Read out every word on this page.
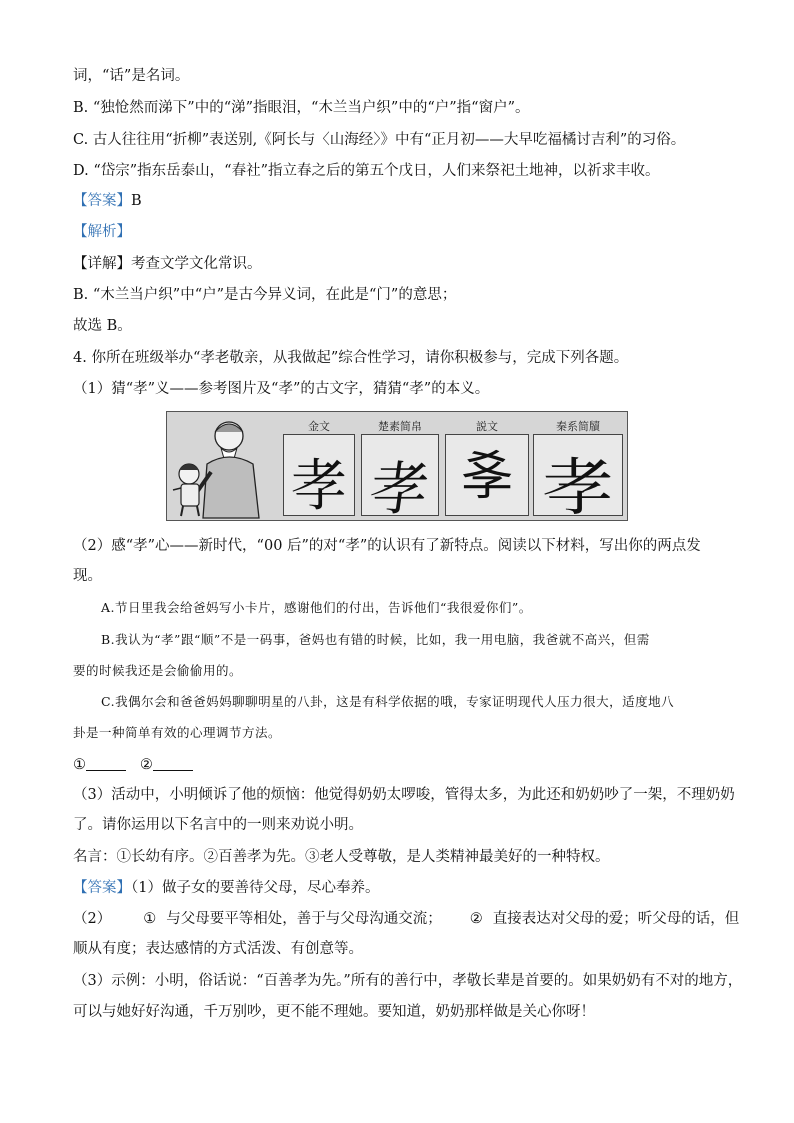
词，“话”是名词。
B. “独怆然而涕下”中的“涕”指眼泪，“木兰当户织”中的“户”指“窗户”。
C. 古人往往用“折柳”表送别,《阿长与〈山海经〉》中有“正月初——大早吃福橘讨吉利”的习俗。
D. “岱宗”指东岳泰山，“春社”指立春之后的第五个戊日，人们来祭祀土地神，以祈求丰收。
【答案】B
【解析】
【详解】考查文学文化常识。
B. “木兰当户织”中“户”是古今异义词，在此是“门”的意思；
故选 B。
4. 你所在班级举办“孝老敬亲，从我做起”综合性学习，请你积极参与，完成下列各题。
（1）猜“孝”义——参考图片及“孝”的古文字，猜猜“孝”的本义。
金文
孝
楚素简帛
孝
説文
𡥈
秦系简牘
孝
（2）感“孝”心——新时代，“00 后”的对“孝”的认识有了新特点。阅读以下材料，写出你的两点发
现。
A.节日里我会给爸妈写小卡片，感谢他们的付出，告诉他们“我很爱你们”。
B.我认为“孝”跟“顺”不是一码事，爸妈也有错的时候，比如，我一用电脑，我爸就不高兴，但需
要的时候我还是会偷偷用的。
C.我偶尔会和爸爸妈妈聊聊明星的八卦，这是有科学依据的哦，专家证明现代人压力很大，适度地八
卦是一种简单有效的心理调节方法。
①	②
（3）活动中，小明倾诉了他的烦恼：他觉得奶奶太啰唆，管得太多，为此还和奶奶吵了一架，不理奶奶
了。请你运用以下名言中的一则来劝说小明。
名言：①长幼有序。②百善孝为先。③老人受尊敬，是人类精神最美好的一种特权。
【答案】（1）做子女的要善待父母，尽心奉养。
（2） ① 与父母要平等相处，善于与父母沟通交流； ② 直接表达对父母的爱；听父母的话，但
顺从有度；表达感情的方式活泼、有创意等。
（3）示例：小明，俗话说：“百善孝为先。”所有的善行中，孝敬长辈是首要的。如果奶奶有不对的地方，
可以与她好好沟通，千万别吵，更不能不理她。要知道，奶奶那样做是关心你呀！
